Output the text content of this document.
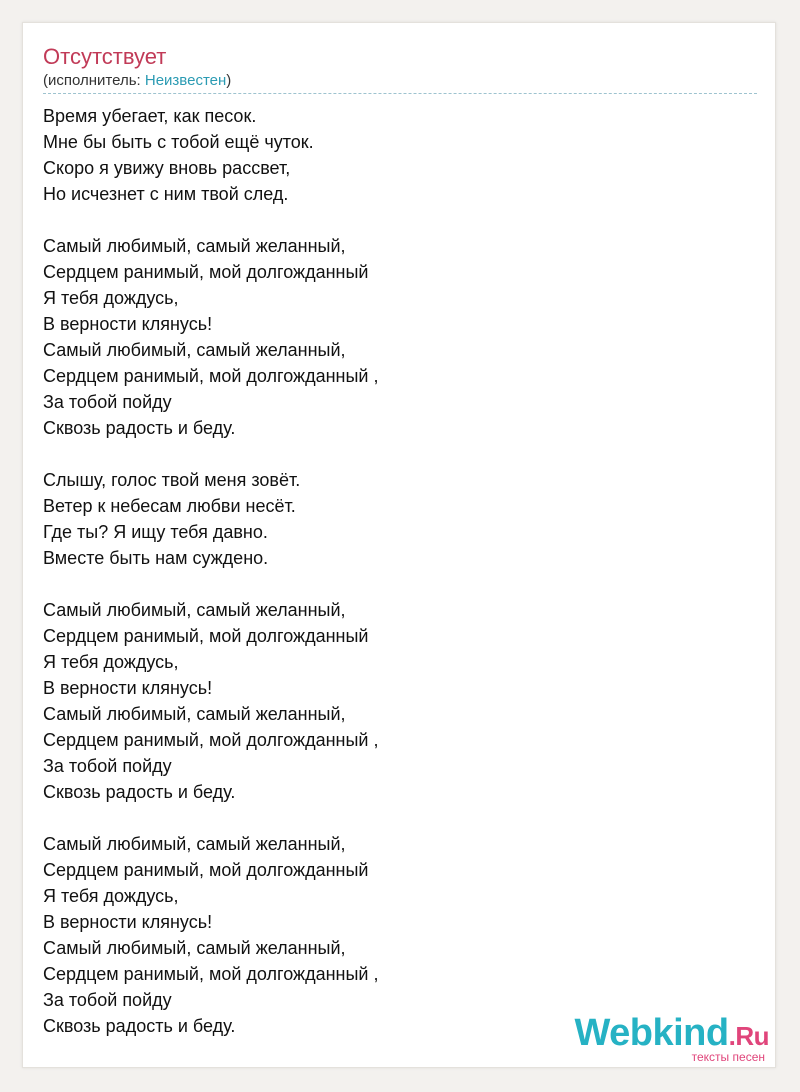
Отсутствует
(исполнитель: Неизвестен)
Время убегает, как песок.
Мне бы быть с тобой ещё чуток.
Скоро я увижу вновь рассвет,
Но исчезнет с ним твой след.
Самый любимый, самый желанный,
Сердцем ранимый, мой долгожданный
Я тебя дождусь,
В верности клянусь!
Самый любимый, самый желанный,
Сердцем ранимый, мой долгожданный ,
За тобой пойду
Сквозь радость и беду.
Слышу, голос твой меня зовёт.
Ветер к небесам любви несёт.
Где ты? Я ищу тебя давно.
Вместе быть нам суждено.
Самый любимый, самый желанный,
Сердцем ранимый, мой долгожданный
Я тебя дождусь,
В верности клянусь!
Самый любимый, самый желанный,
Сердцем ранимый, мой долгожданный ,
За тобой пойду
Сквозь радость и беду.
Самый любимый, самый желанный,
Сердцем ранимый, мой долгожданный
Я тебя дождусь,
В верности клянусь!
Самый любимый, самый желанный,
Сердцем ранимый, мой долгожданный ,
За тобой пойду
Сквозь радость и беду.	Webkind.Ru
тексты песен
